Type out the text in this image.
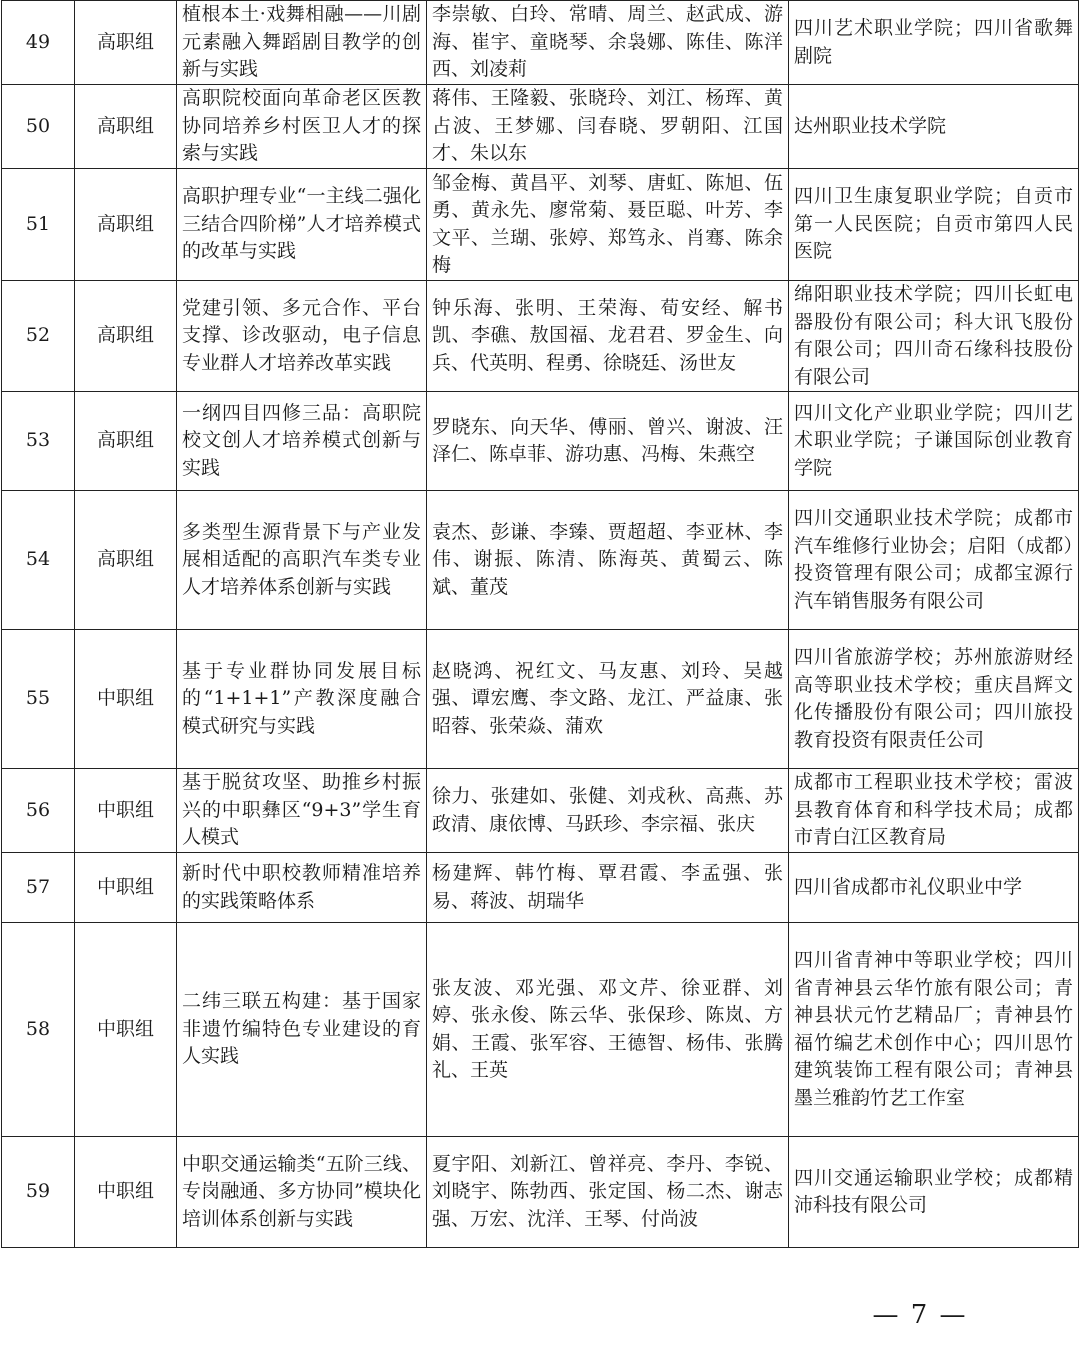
49	高职组	植根本土·戏舞相融——川剧元素融入舞蹈剧目教学的创新与实践	李崇敏、白玲、常晴、周兰、赵武成、游海、崔宇、童晓琴、余袅娜、陈佳、陈洋西、刘凌莉	四川艺术职业学院；四川省歌舞剧院
50	高职组	高职院校面向革命老区医教协同培养乡村医卫人才的探索与实践	蒋伟、王隆毅、张晓玲、刘江、杨珲、黄占波、王梦娜、闫春晓、罗朝阳、江国才、朱以东	达州职业技术学院
51	高职组	高职护理专业“一主线二强化三结合四阶梯”人才培养模式的改革与实践	邹金梅、黄昌平、刘琴、唐虹、陈旭、伍勇、黄永先、廖常菊、聂臣聪、叶芳、李文平、兰瑚、张婷、郑笃永、肖骞、陈余梅	四川卫生康复职业学院；自贡市第一人民医院；自贡市第四人民医院
52	高职组	党建引领、多元合作、平台支撑、诊改驱动，电子信息专业群人才培养改革实践	钟乐海、张明、王荣海、荀安经、解书凯、李礁、敖国福、龙君君、罗金生、向兵、代英明、程勇、徐晓廷、汤世友	绵阳职业技术学院；四川长虹电器股份有限公司；科大讯飞股份有限公司；四川奇石缘科技股份有限公司
53	高职组	一纲四目四修三品：高职院校文创人才培养模式创新与实践	罗晓东、向天华、傅丽、曾兴、谢波、汪泽仁、陈卓菲、游功惠、冯梅、朱燕空	四川文化产业职业学院；四川艺术职业学院；子谦国际创业教育学院
54	高职组	多类型生源背景下与产业发展相适配的高职汽车类专业人才培养体系创新与实践	袁杰、彭谦、李臻、贾超超、李亚林、李伟、谢振、陈清、陈海英、黄蜀云、陈斌、董茂	四川交通职业技术学院；成都市汽车维修行业协会；启阳（成都）投资管理有限公司；成都宝源行汽车销售服务有限公司
55	中职组	基于专业群协同发展目标的“1+1+1”产教深度融合模式研究与实践	赵晓鸿、祝红文、马友惠、刘玲、吴越强、谭宏鹰、李文路、龙江、严益康、张昭蓉、张荣焱、蒲欢	四川省旅游学校；苏州旅游财经高等职业技术学校；重庆昌辉文化传播股份有限公司；四川旅投教育投资有限责任公司
56	中职组	基于脱贫攻坚、助推乡村振兴的中职彝区“9+3”学生育人模式	徐力、张建如、张健、刘戎秋、高燕、苏政清、康依博、马跃珍、李宗福、张庆	成都市工程职业技术学校；雷波县教育体育和科学技术局；成都市青白江区教育局
57	中职组	新时代中职校教师精准培养的实践策略体系	杨建辉、韩竹梅、覃君霞、李孟强、张易、蒋波、胡瑞华	四川省成都市礼仪职业中学
58	中职组	二纬三联五构建：基于国家非遗竹编特色专业建设的育人实践	张友波、邓光强、邓文芹、徐亚群、刘婷、张永俊、陈云华、张保珍、陈岚、方娟、王霞、张军容、王德智、杨伟、张腾礼、王英	四川省青神中等职业学校；四川省青神县云华竹旅有限公司；青神县状元竹艺精品厂；青神县竹福竹编艺术创作中心；四川思竹建筑装饰工程有限公司；青神县墨兰雅韵竹艺工作室
59	中职组	中职交通运输类“五阶三线、专岗融通、多方协同”模块化培训体系创新与实践	夏宇阳、刘新江、曾祥亮、李丹、李锐、刘晓宇、陈勃西、张定国、杨二杰、谢志强、万宏、沈洋、王琴、付尚波	四川交通运输职业学校；成都精沛科技有限公司
— 7 —
